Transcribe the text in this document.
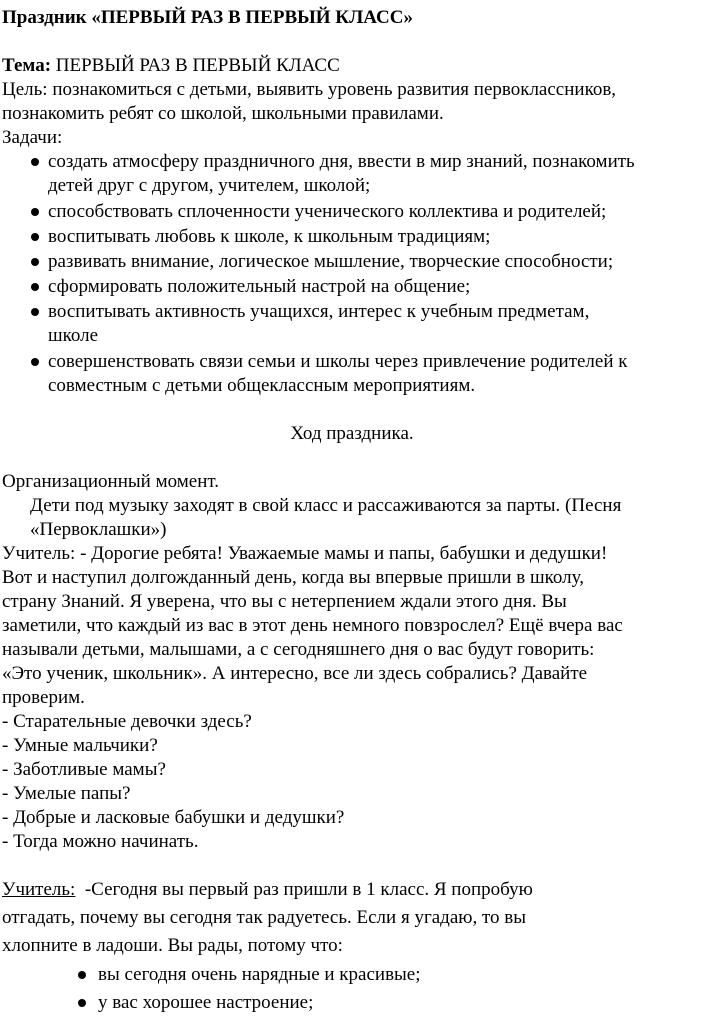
Праздник «ПЕРВЫЙ РАЗ В ПЕРВЫЙ КЛАСС»
Тема: ПЕРВЫЙ РАЗ В ПЕРВЫЙ КЛАСС
Цель: познакомиться с детьми, выявить уровень развития первоклассников,
познакомить ребят со школой, школьными правилами.
Задачи:
создать атмосферу праздничного дня, ввести в мир знаний, познакомить
детей друг с другом, учителем, школой;
способствовать сплоченности ученического коллектива и родителей;
воспитывать любовь к школе, к школьным традициям;
развивать внимание, логическое мышление, творческие способности;
сформировать положительный настрой на общение;
воспитывать активность учащихся, интерес к учебным предметам,
школе
совершенствовать связи семьи и школы через привлечение родителей к
совместным с детьми общеклассным мероприятиям.
Ход праздника.
Организационный момент.
Дети под музыку заходят в свой класс и рассаживаются за парты. (Песня
«Первоклашки»)
Учитель: - Дорогие ребята! Уважаемые мамы и папы, бабушки и дедушки!
Вот и наступил долгожданный день, когда вы впервые пришли в школу,
страну Знаний. Я уверена, что вы с нетерпением ждали этого дня. Вы
заметили, что каждый из вас в этот день немного повзрослел? Ещё вчера вас
называли детьми, малышами, а с сегодняшнего дня о вас будут говорить:
«Это ученик, школьник». А интересно, все ли здесь собрались? Давайте
проверим.
- Старательные девочки здесь?
- Умные мальчики?
- Заботливые мамы?
- Умелые папы?
- Добрые и ласковые бабушки и дедушки?
- Тогда можно начинать.
Учитель:  -Сегодня вы первый раз пришли в 1 класс. Я попробую
отгадать, почему вы сегодня так радуетесь. Если я угадаю, то вы
хлопните в ладоши. Вы рады, потому что:
вы сегодня очень нарядные и красивые;
у вас хорошее настроение;
